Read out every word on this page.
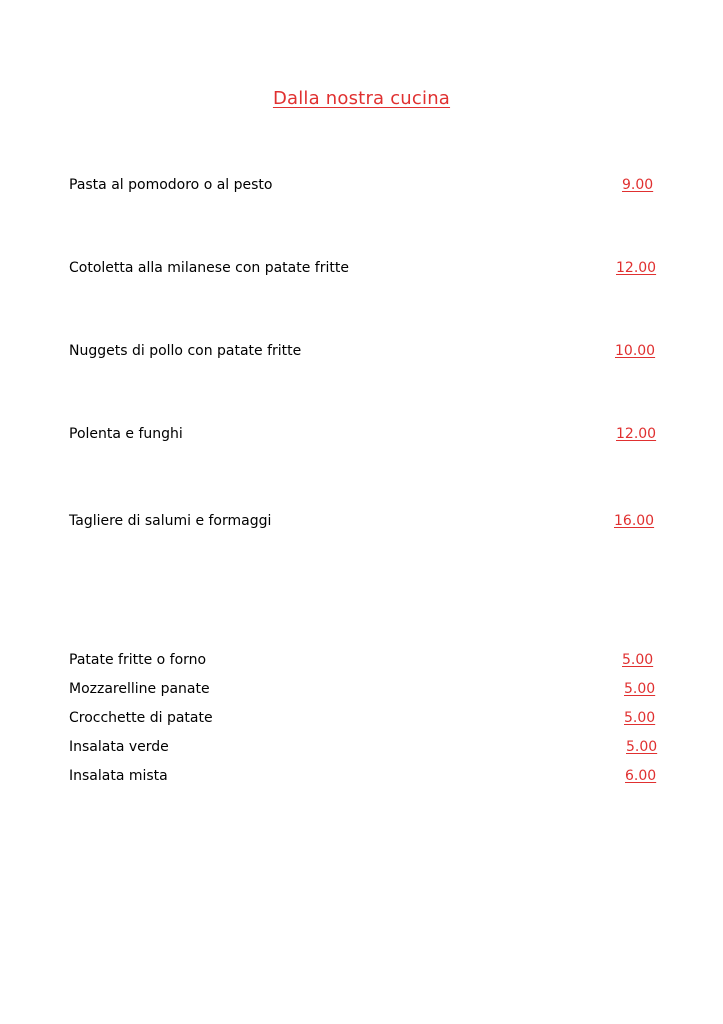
Dalla nostra cucina
Pasta al pomodoro o al pesto	9.00
Cotoletta alla milanese con patate fritte	12.00
Nuggets di pollo con patate fritte	10.00
Polenta e funghi	12.00
Tagliere di salumi e formaggi	16.00
Patate fritte o forno	5.00
Mozzarelline panate	5.00
Crocchette di patate	5.00
Insalata verde	5.00
Insalata mista	6.00
